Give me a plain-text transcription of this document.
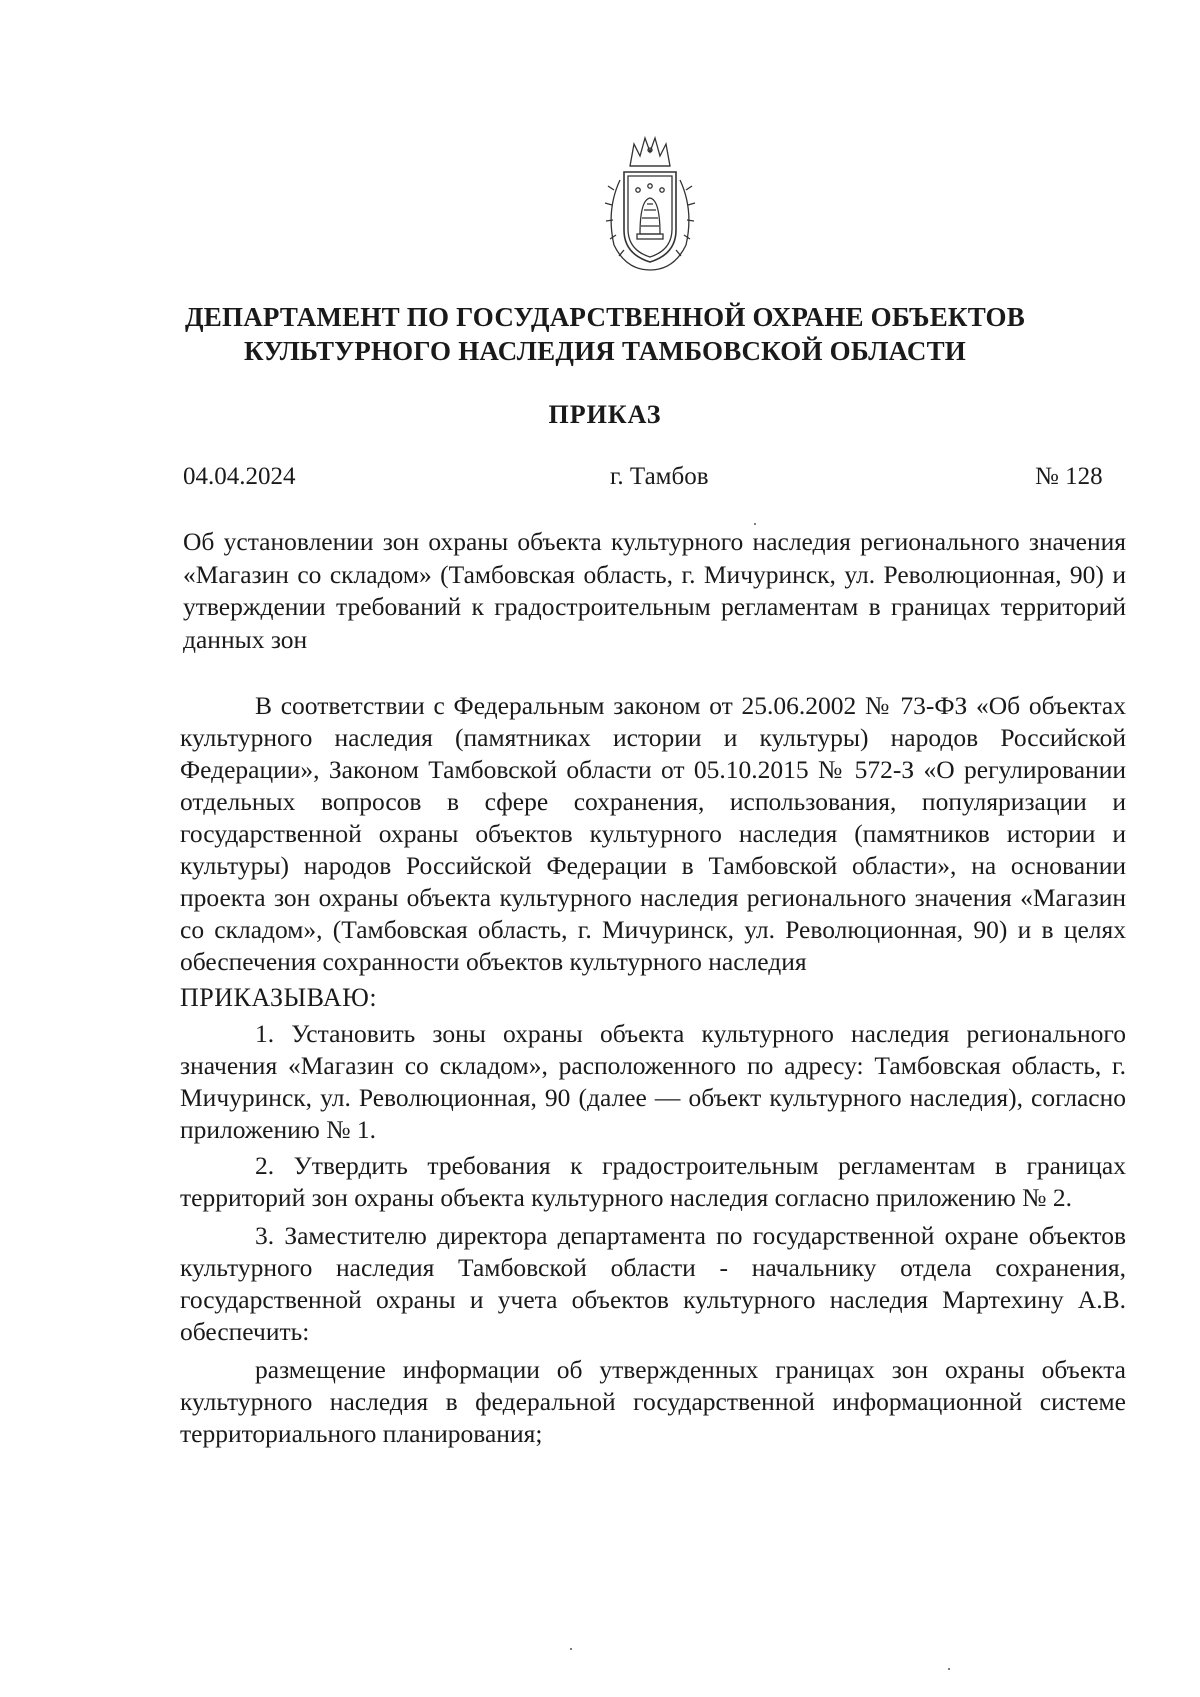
ДЕПАРТАМЕНТ ПО ГОСУДАРСТВЕННОЙ ОХРАНЕ ОБЪЕКТОВ
КУЛЬТУРНОГО НАСЛЕДИЯ ТАМБОВСКОЙ ОБЛАСТИ
ПРИКАЗ
04.04.2024	г. Тамбов	№ 128
Об установлении зон охраны объекта культурного наследия регионального значения «Магазин со складом» (Тамбовская область, г. Мичуринск, ул. Революционная, 90) и утверждении требований к градостроительным регламентам в границах территорий данных зон

В соответствии с Федеральным законом от 25.06.2002 № 73-ФЗ «Об объектах культурного наследия (памятниках истории и культуры) народов Российской Федерации», Законом Тамбовской области от 05.10.2015 № 572-З «О регулировании отдельных вопросов в сфере сохранения, использования, популяризации и государственной охраны объектов культурного наследия (памятников истории и культуры) народов Российской Федерации в Тамбовской области», на основании проекта зон охраны объекта культурного наследия регионального значения «Магазин со складом», (Тамбовская область, г. Мичуринск, ул. Революционная, 90) и в целях обеспечения сохранности объектов культурного наследия

ПРИКАЗЫВАЮ:

1. Установить зоны охраны объекта культурного наследия регионального значения «Магазин со складом», расположенного по адресу: Тамбовская область, г. Мичуринск, ул. Революционная, 90 (далее — объект культурного наследия), согласно приложению № 1.

2. Утвердить требования к градостроительным регламентам в границах территорий зон охраны объекта культурного наследия согласно приложению № 2.

3. Заместителю директора департамента по государственной охране объектов культурного наследия Тамбовской области - начальнику отдела сохранения, государственной охраны и учета объектов культурного наследия Мартехину А.В. обеспечить:

размещение информации об утвержденных границах зон охраны объекта культурного наследия в федеральной государственной информационной системе территориального планирования;
